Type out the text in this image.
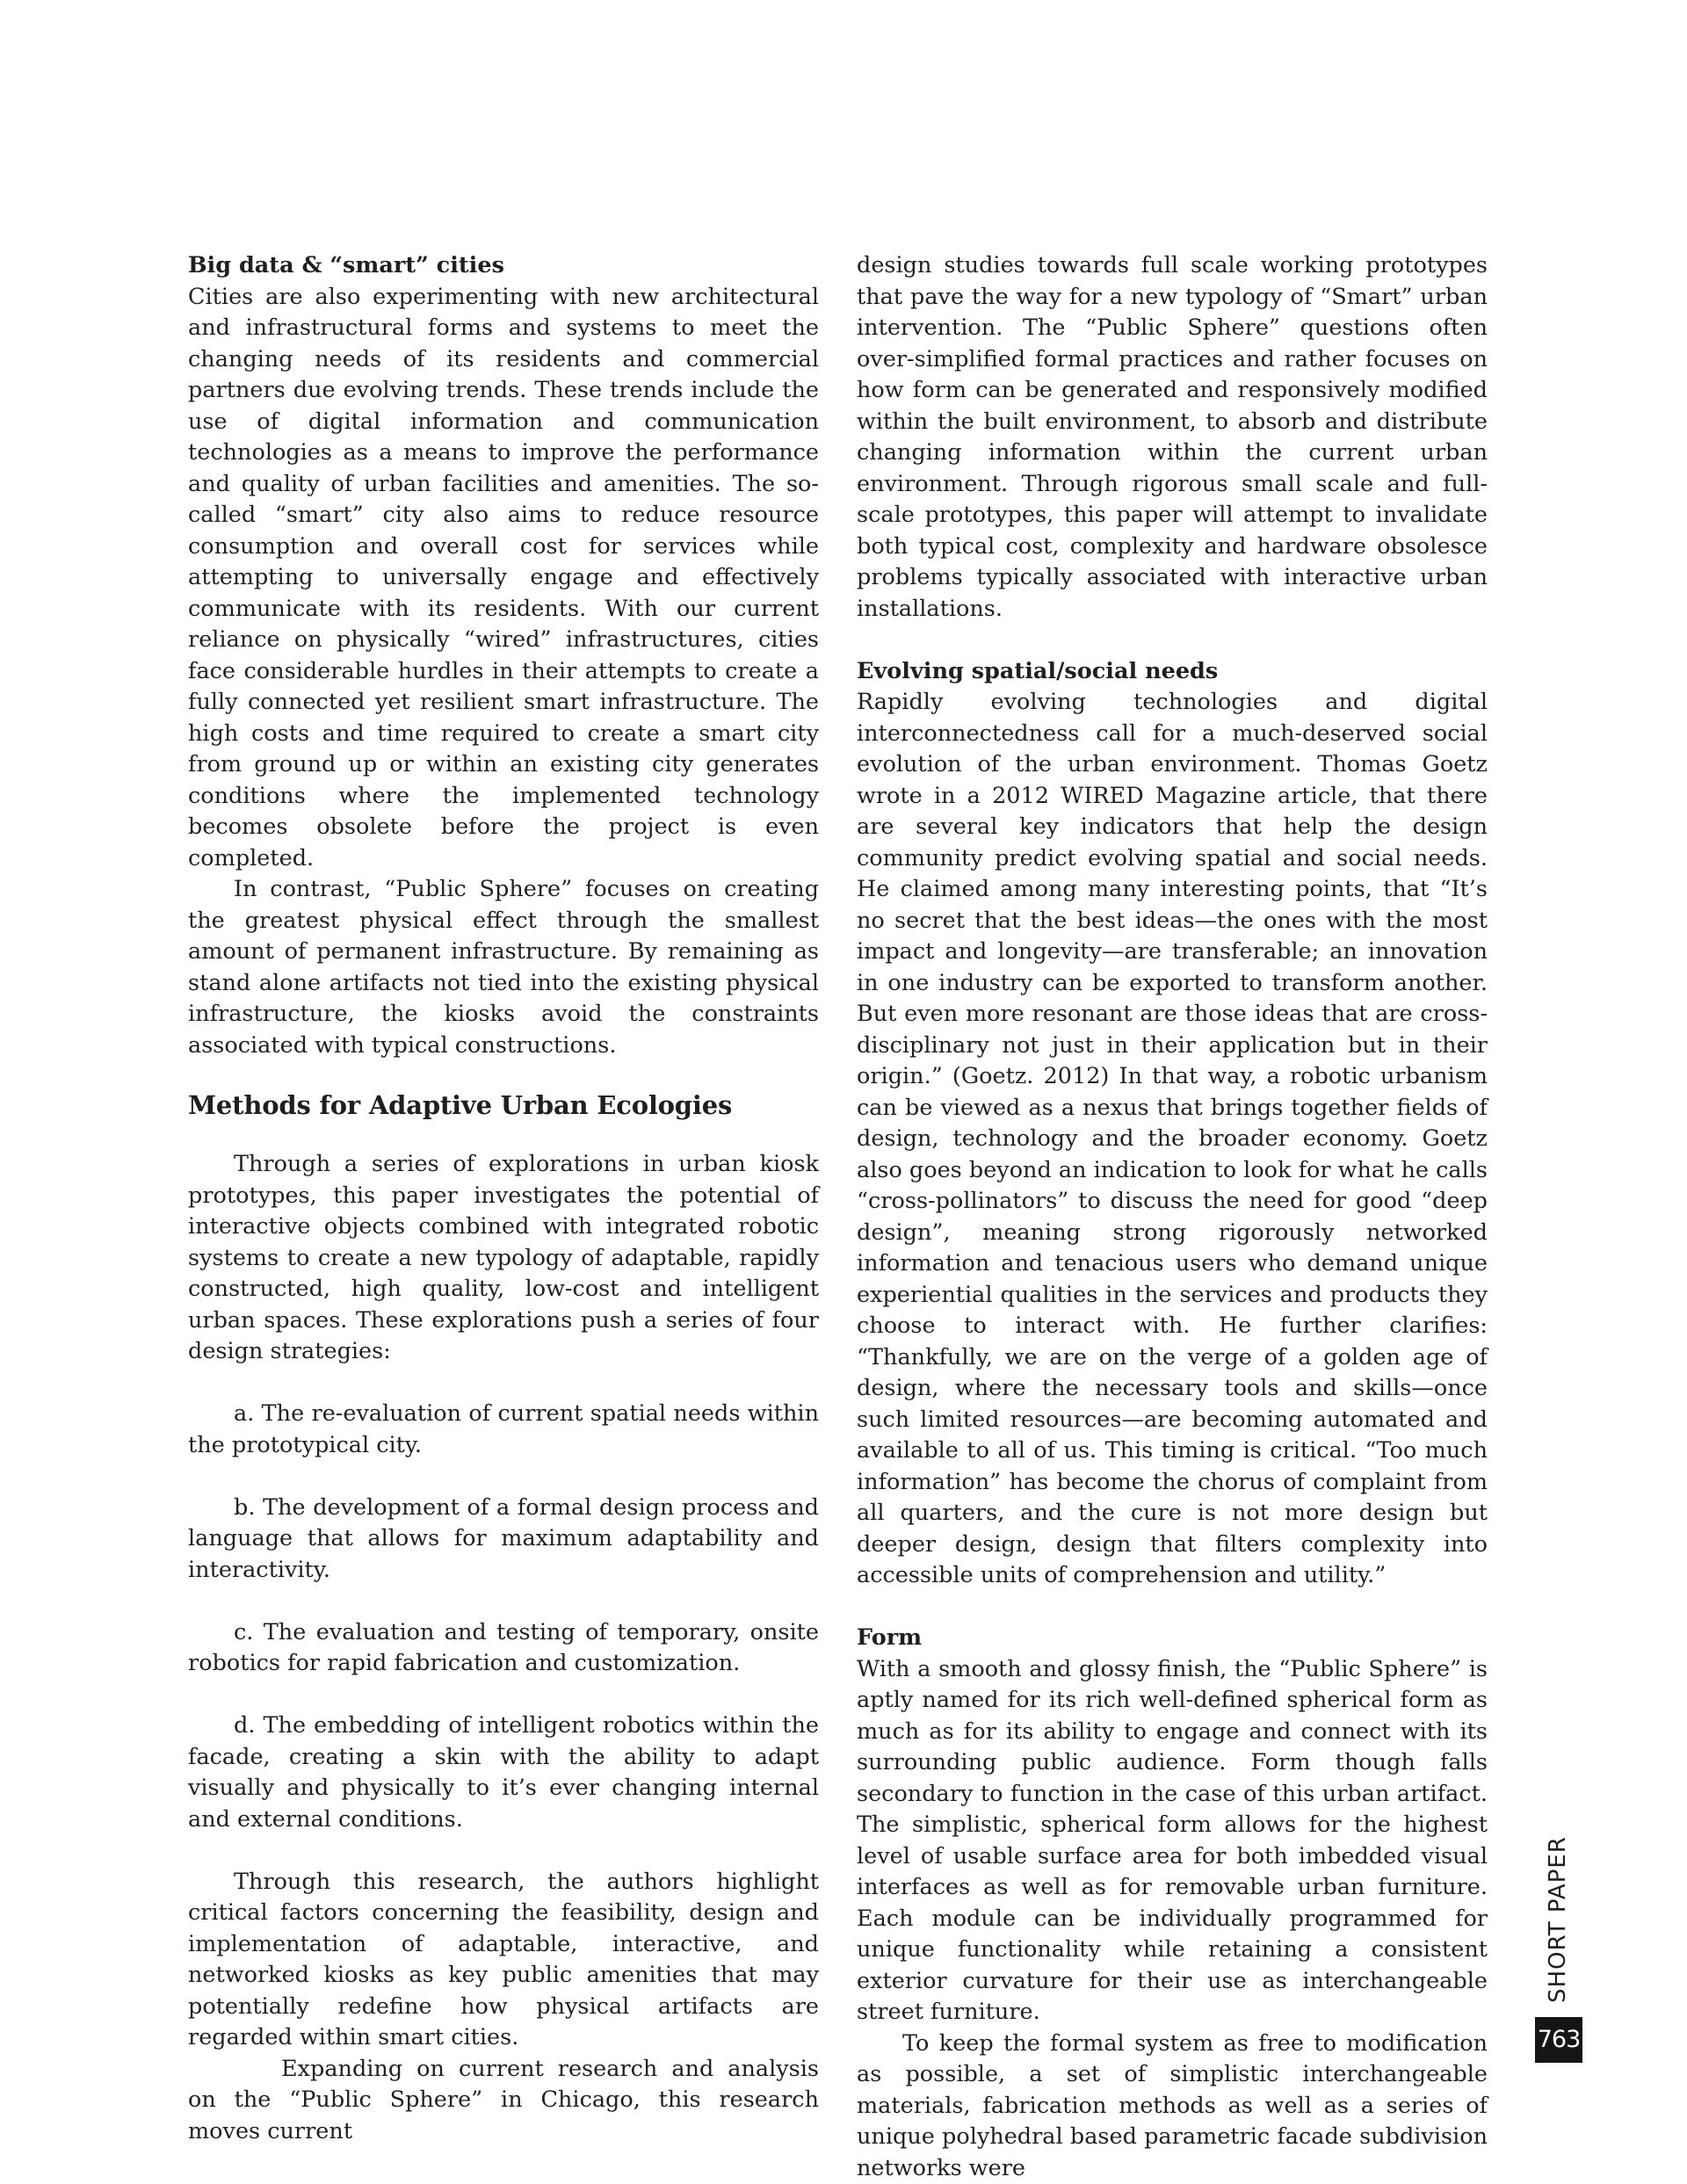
Big data & “smart” cities

Cities are also experimenting with new architectural and infrastructural forms and systems to meet the changing needs of its residents and commercial partners due evolving trends. These trends include the use of digital information and communication technologies as a means to improve the performance and quality of urban facilities and amenities. The so-called “smart” city also aims to reduce resource consumption and overall cost for services while attempting to universally engage and effectively communicate with its residents. With our current reliance on physically “wired” infrastructures, cities face considerable hurdles in their attempts to create a fully connected yet resilient smart infrastructure. The high costs and time required to create a smart city from ground up or within an existing city generates conditions where the implemented technology becomes obsolete before the project is even completed.

In contrast, “Public Sphere” focuses on creating the greatest physical effect through the smallest amount of permanent infrastructure. By remaining as stand alone artifacts not tied into the existing physical infrastructure, the kiosks avoid the constraints associated with typical constructions.

Methods for Adaptive Urban Ecologies

Through a series of explorations in urban kiosk prototypes, this paper investigates the potential of interactive objects combined with integrated robotic systems to create a new typology of adaptable, rapidly constructed, high quality, low-cost and intelligent urban spaces. These explorations push a series of four design strategies:

a. The re-evaluation of current spatial needs within the prototypical city.

b. The development of a formal design process and language that allows for maximum adaptability and interactivity.

c. The evaluation and testing of temporary, onsite robotics for rapid fabrication and customization.

d. The embedding of intelligent robotics within the facade, creating a skin with the ability to adapt visually and physically to it’s ever changing internal and external conditions.

Through this research, the authors highlight critical factors concerning the feasibility, design and implementation of adaptable, interactive, and networked kiosks as key public amenities that may potentially redefine how physical artifacts are regarded within smart cities.

Expanding on current research and analysis on the “Public Sphere” in Chicago, this research moves current

design studies towards full scale working prototypes that pave the way for a new typology of “Smart” urban intervention. The “Public Sphere” questions often over-simplified formal practices and rather focuses on how form can be generated and responsively modified within the built environment, to absorb and distribute changing information within the current urban environment. Through rigorous small scale and full-scale prototypes, this paper will attempt to invalidate both typical cost, complexity and hardware obsolesce problems typically associated with interactive urban installations.

Evolving spatial/social needs

Rapidly evolving technologies and digital interconnectedness call for a much-deserved social evolution of the urban environment. Thomas Goetz wrote in a 2012 WIRED Magazine article, that there are several key indicators that help the design community predict evolving spatial and social needs. He claimed among many interesting points, that “It’s no secret that the best ideas—the ones with the most impact and longevity—are transferable; an innovation in one industry can be exported to transform another. But even more resonant are those ideas that are cross-disciplinary not just in their application but in their origin.” (Goetz. 2012) In that way, a robotic urbanism can be viewed as a nexus that brings together fields of design, technology and the broader economy. Goetz also goes beyond an indication to look for what he calls “cross-pollinators” to discuss the need for good “deep design”, meaning strong rigorously networked information and tenacious users who demand unique experiential qualities in the services and products they choose to interact with. He further clarifies: “Thankfully, we are on the verge of a golden age of design, where the necessary tools and skills—once such limited resources—are becoming automated and available to all of us. This timing is critical. “Too much information” has become the chorus of complaint from all quarters, and the cure is not more design but deeper design, design that filters complexity into accessible units of comprehension and utility.”

Form

With a smooth and glossy finish, the “Public Sphere” is aptly named for its rich well-defined spherical form as much as for its ability to engage and connect with its surrounding public audience. Form though falls secondary to function in the case of this urban artifact. The simplistic, spherical form allows for the highest level of usable surface area for both imbedded visual interfaces as well as for removable urban furniture. Each module can be individually programmed for unique functionality while retaining a consistent exterior curvature for their use as interchangeable street furniture.

To keep the formal system as free to modification as possible, a set of simplistic interchangeable materials, fabrication methods as well as a series of unique polyhedral based parametric facade subdivision networks were

SHORT PAPER
763
